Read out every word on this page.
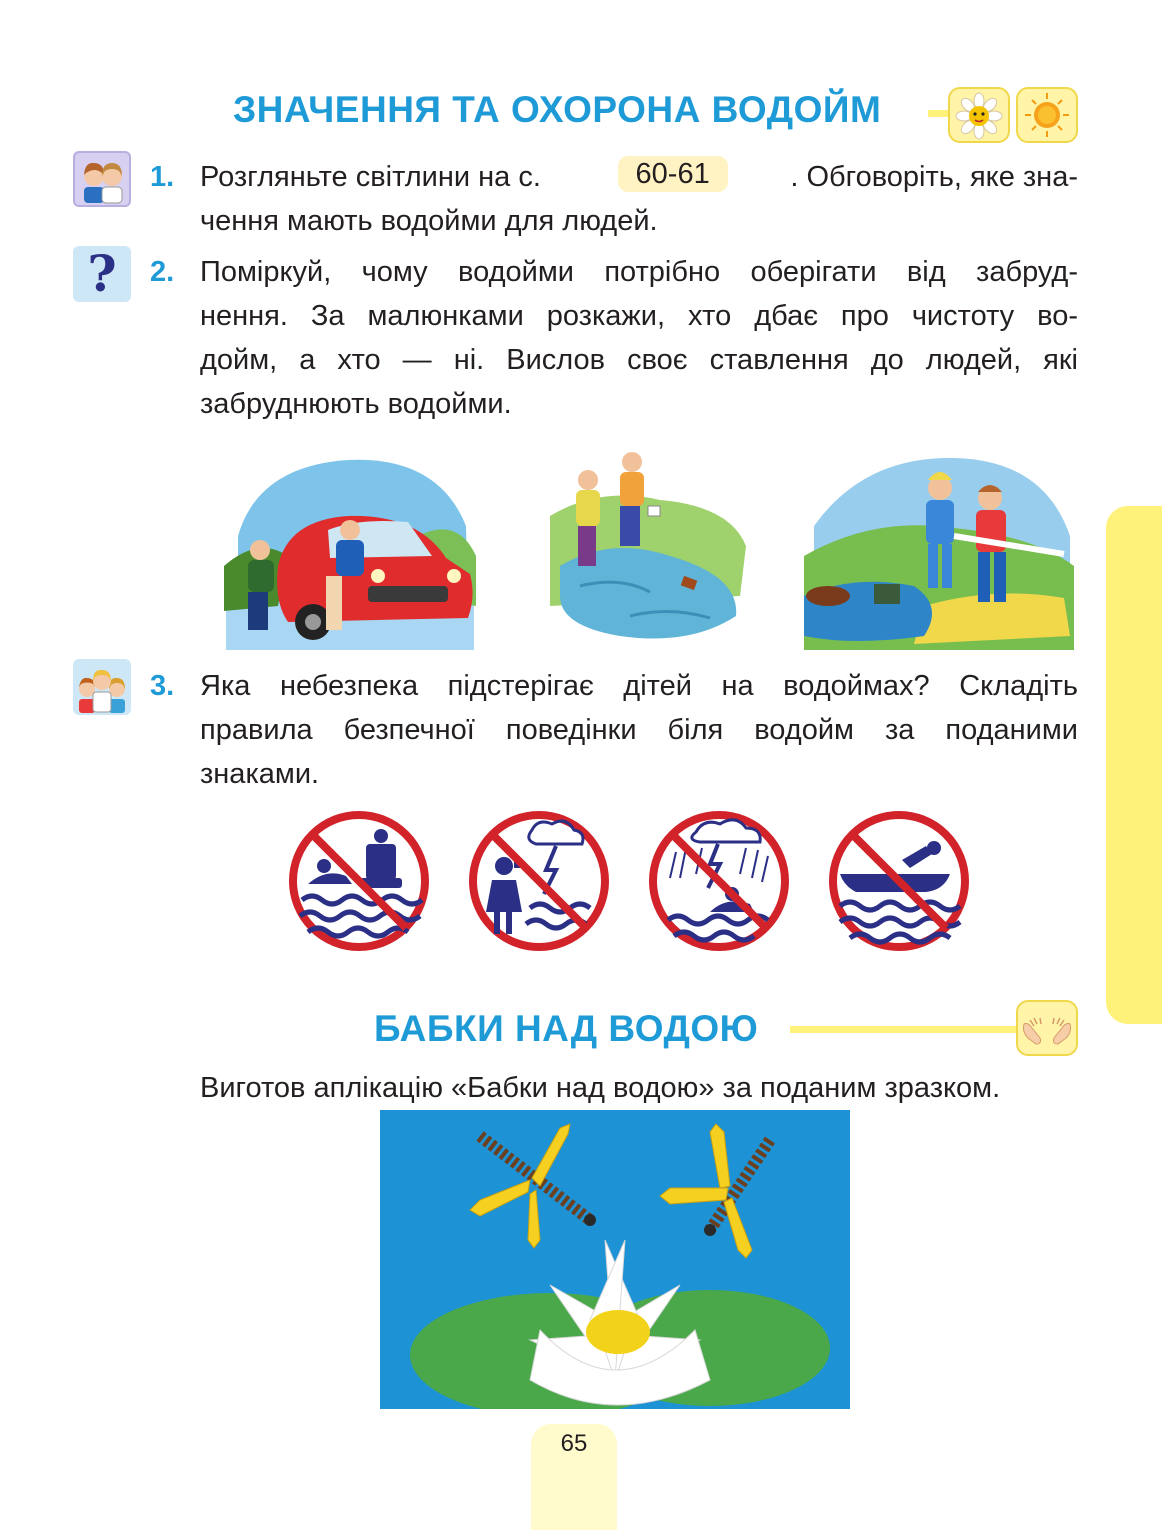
ЗНАЧЕННЯ ТА ОХОРОНА ВОДОЙМ
1. Розгляньте світлини на с.	60-61	. Обговоріть, яке зна-
чення мають водойми для людей.
?	2. Поміркуй, чому водойми потрібно оберігати від забруд-
нення. За малюнками розкажи, хто дбає про чистоту во-
дойм, а хто — ні. Вислов своє ставлення до людей, які
забруднюють водойми.
3. Яка небезпека підстерігає дітей на водоймах? Складіть
правила безпечної поведінки біля водойм за поданими
знаками.
БАБКИ НАД ВОДОЮ
Виготов аплікацію «Бабки над водою» за поданим зразком.
65
